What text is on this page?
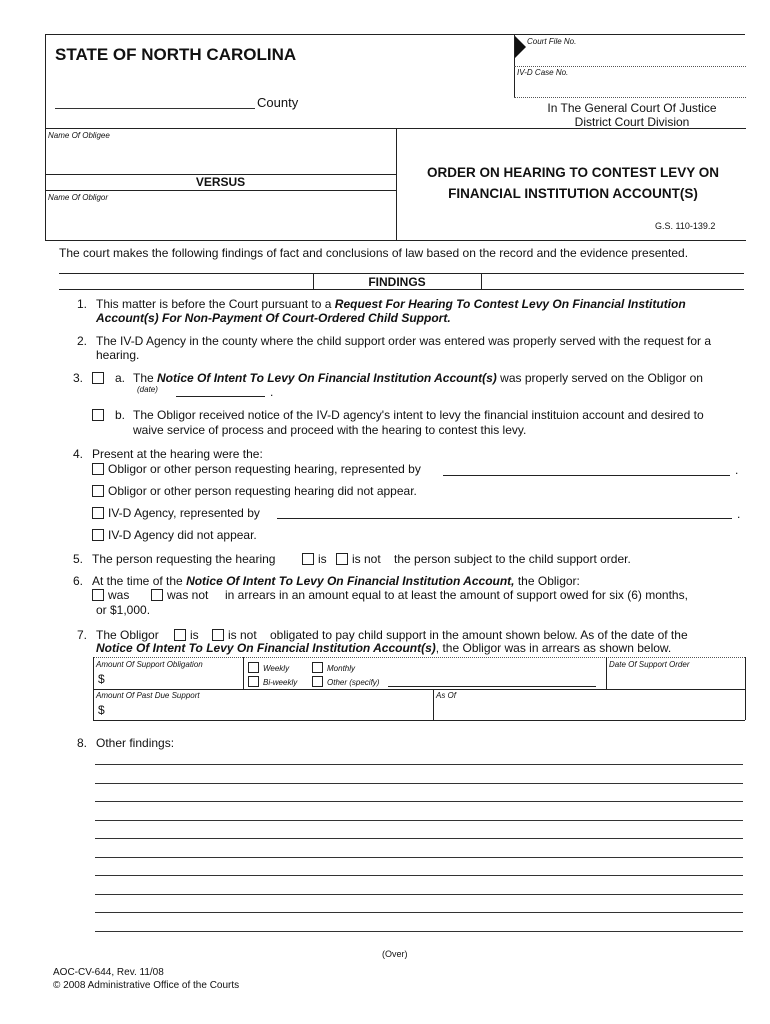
STATE OF NORTH CAROLINA
County
Court File No.
IV-D Case No.
In The General Court Of Justice
District Court Division
Name Of Obligee
VERSUS
Name Of Obligor
ORDER ON HEARING TO CONTEST LEVY ON
FINANCIAL INSTITUTION ACCOUNT(S)
G.S. 110-139.2
The court makes the following findings of fact and conclusions of law based on the record and the evidence presented.
FINDINGS
1. This matter is before the Court pursuant to a Request For Hearing To Contest Levy On Financial Institution
Account(s) For Non-Payment Of Court-Ordered Child Support.
2. The IV-D Agency in the county where the child support order was entered was properly served with the request for a
hearing.
3.	a. The Notice Of Intent To Levy On Financial Institution Account(s) was properly served on the Obligor on
(date)	.
b. The Obligor received notice of the IV-D agency's intent to levy the financial instituion account and desired to
waive service of process and proceed with the hearing to contest this levy.
4. Present at the hearing were the:
Obligor or other person requesting hearing, represented by	.
Obligor or other person requesting hearing did not appear.
IV-D Agency, represented by	.
IV-D Agency did not appear.
5. The person requesting the hearing	is is not the person subject to the child support order.
6. At the time of the Notice Of Intent To Levy On Financial Institution Account, the Obligor:
was	was not in arrears in an amount equal to at least the amount of support owed for six (6) months,
or $1,000.
7. The Obligor	is is not obligated to pay child support in the amount shown below. As of the date of the
Notice Of Intent To Levy On Financial Institution Account(s), the Obligor was in arrears as shown below.
Amount Of Support Obligation
$
Weekly	Monthly
Bi-weekly	Other (specify)
Date Of Support Order
Amount Of Past Due Support
$
As Of
8. Other findings:
(Over)
AOC-CV-644, Rev. 11/08
© 2008 Administrative Office of the Courts
